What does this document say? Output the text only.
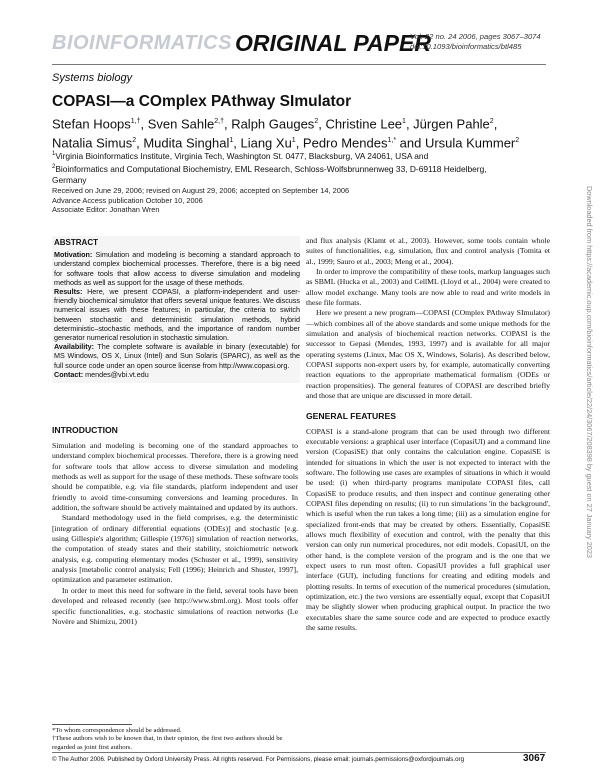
BIOINFORMATICS ORIGINAL PAPER
Vol. 22 no. 24 2006, pages 3067–3074
doi:10.1093/bioinformatics/btl485
Systems biology
COPASI—a COmplex PAthway SImulator
Stefan Hoops$^{1,\dagger}$, Sven Sahle$^{2,\dagger}$, Ralph Gauges$^2$, Christine Lee$^1$, Jürgen Pahle$^2$,
Natalia Simus$^2$, Mudita Singhal$^1$, Liang Xu$^1$, Pedro Mendes$^{1,*}$ and Ursula Kummer$^2$
$^1$Virginia Bioinformatics Institute, Virginia Tech, Washington St. 0477, Blacksburg, VA 24061, USA and
$^2$Bioinformatics and Computational Biochemistry, EML Research, Schloss-Wolfsbrunnenweg 33, D-69118 Heidelberg, Germany
Received on June 29, 2006; revised on August 29, 2006; accepted on September 14, 2006
Advance Access publication October 10, 2006
Associate Editor: Jonathan Wren
ABSTRACT

Motivation: Simulation and modeling is becoming a standard approach to understand complex biochemical processes. Therefore, there is a big need for software tools that allow access to diverse simulation and modeling methods as well as support for the usage of these methods.

Results: Here, we present COPASI, a platform-independent and user-friendly biochemical simulator that offers several unique features. We discuss numerical issues with these features; in particular, the criteria to switch between stochastic and deterministic simulation methods, hybrid deterministic–stochastic methods, and the importance of random number generator numerical resolution in stochastic simulation.

Availability: The complete software is available in binary (executable) for MS Windows, OS X, Linux (Intel) and Sun Solaris (SPARC), as well as the full source code under an open source license from http://www.copasi.org.

Contact: mendes@vbi.vt.edu

INTRODUCTION

Simulation and modeling is becoming one of the standard approaches to understand complex biochemical processes. Therefore, there is a growing need for software tools that allow access to diverse simulation and modeling methods as well as support for the usage of these methods. These software tools should be compatible, e.g. via file standards, platform independent and user friendly to avoid time-consuming conversions and learning procedures. In addition, the software should be actively maintained and updated by its authors.

Standard methodology used in the field comprises, e.g. the deterministic [integration of ordinary differential equations (ODEs)] and stochastic [e.g. using Gillespie's algorithm; Gillespie (1976)] simulation of reaction networks, the computation of steady states and their stability, stoichiometric network analysis, e.g. computing elementary modes (Schuster et al., 1999), sensitivity analysis [metabolic control analysis; Fell (1996); Heinrich and Shuster, 1997], optimization and parameter estimation.

In order to meet this need for software in the field, several tools have been developed and released recently (see http://www.sbml.org). Most tools offer specific functionalities, e.g. stochastic simulations of reaction networks (Le Novère and Shimizu, 2001)

and flux analysis (Klamt et al., 2003). However, some tools contain whole suites of functionalities, e.g. simulation, flux and control analysis (Tomita et al., 1999; Sauro et al., 2003; Meng et al., 2004).

In order to improve the compatibility of these tools, markup languages such as SBML (Hucka et al., 2003) and CellML (Lloyd et al., 2004) were created to allow model exchange. Many tools are now able to read and write models in these file formats.

Here we present a new program—COPASI (COmplex PAthway SImulator)—which combines all of the above standards and some unique methods for the simulation and analysis of biochemical reaction networks. COPASI is the successor to Gepasi (Mendes, 1993, 1997) and is available for all major operating systems (Linux, Mac OS X, Windows, Solaris). As described below, COPASI supports non-expert users by, for example, automatically converting reaction equations to the appropriate mathematical formalism (ODEs or reaction propensities). The general features of COPASI are described briefly and those that are unique are discussed in more detail.

GENERAL FEATURES

COPASI is a stand-alone program that can be used through two different executable versions: a graphical user interface (CopasiUI) and a command line version (CopasiSE) that only contains the calculation engine. CopasiSE is intended for situations in which the user is not expected to interact with the software. The following use cases are examples of situations in which it would be used: (i) when third-party programs manipulate COPASI files, call CopasiSE to produce results, and then inspect and continue generating other COPASI files depending on results; (ii) to run simulations 'in the background', which is useful when the run takes a long time; (iii) as a simulation engine for specialized front-ends that may be created by others. Essentially, CopasiSE allows much flexibility of execution and control, with the penalty that this version can only run numerical procedures, not edit models. CopasiUI, on the other hand, is the complete version of the program and is the one that we expect users to run most often. CopasiUI provides a full graphical user interface (GUI), including functions for creating and editing models and plotting results. In terms of execution of the numerical procedures (simulation, optimization, etc.) the two versions are essentially equal, except that CopasiUI may be slightly slower when producing graphical output. In practice the two executables share the same source code and are expected to produce exactly the same results.

*To whom correspondence should be addressed.
†These authors wish to be known that, in their opinion, the first two authors should be regarded as joint first authors.
© The Author 2006. Published by Oxford University Press. All rights reserved. For Permissions, please email: journals.permissions@oxfordjournals.org	3067
Downloaded from https://academic.oup.com/bioinformatics/article/22/24/3067/208398 by guest on 27 January 2023
